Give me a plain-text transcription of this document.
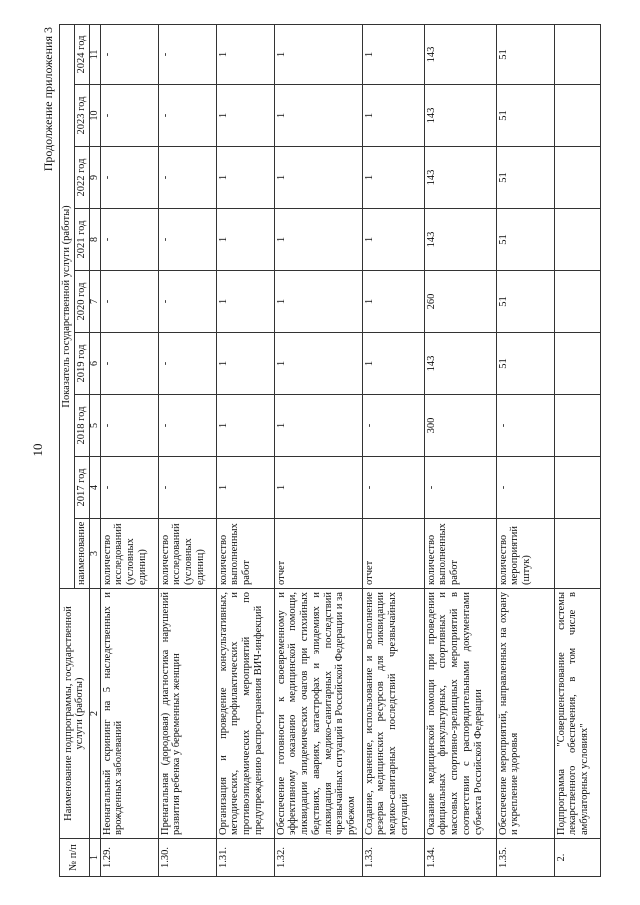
10
Продолжение приложения 3
№ п/п	Наименование подпрограммы, государственной услуги (работы)	Показатель государственной услуги (работы)								
		наименование	2017 год	2018 год	2019 год	2020 год	2021 год	2022 год	2023 год	2024 год
1	2	3	4	5	6	7	8	9	10	11
1.29.	Неонатальный скрининг на 5 наследственных и врожденных заболеваний	количество исследований (условных единиц)	-	-	-	-	-	-	-	-
1.30.	Пренатальная (дородовая) диагностика нарушений развития ребенка у беременных женщин	количество исследований (условных единиц)	-	-	-	-	-	-	-	-
1.31.	Организация и проведение консультативных, методических, профилактических и противоэпидемических мероприятий по предупреждению распространения ВИЧ-инфекций	количество выполненных работ	1	1	1	1	1	1	1	1
1.32.	Обеспечение готовности к своевременному и эффективному оказанию медицинской помощи, ликвидации эпидемических очагов при стихийных бедствиях, авариях, катастрофах и эпидемиях и ликвидация медико-санитарных последствий чрезвычайных ситуаций в Российской Федерации и за рубежом	отчет	1	1	1	1	1	1	1	1
1.33.	Создание, хранение, использование и восполнение резерва медицинских ресурсов для ликвидации медико-санитарных последствий чрезвычайных ситуаций	отчет	-	-	1	1	1	1	1	1
1.34.	Оказание медицинской помощи при проведении официальных физкультурных, спортивных и массовых спортивно-зрелищных мероприятий в соответствии с распорядительными документами субъекта Российской Федерации	количество выполненных работ	-	300	143	260	143	143	143	143
1.35.	Обеспечение мероприятий, направленных на охрану и укрепление здоровья	количество мероприятий (штук)	-	-	51	51	51	51	51	51
2.	Подпрограмма "Совершенствование системы лекарственного обеспечения, в том числе в амбулаторных условиях"									
